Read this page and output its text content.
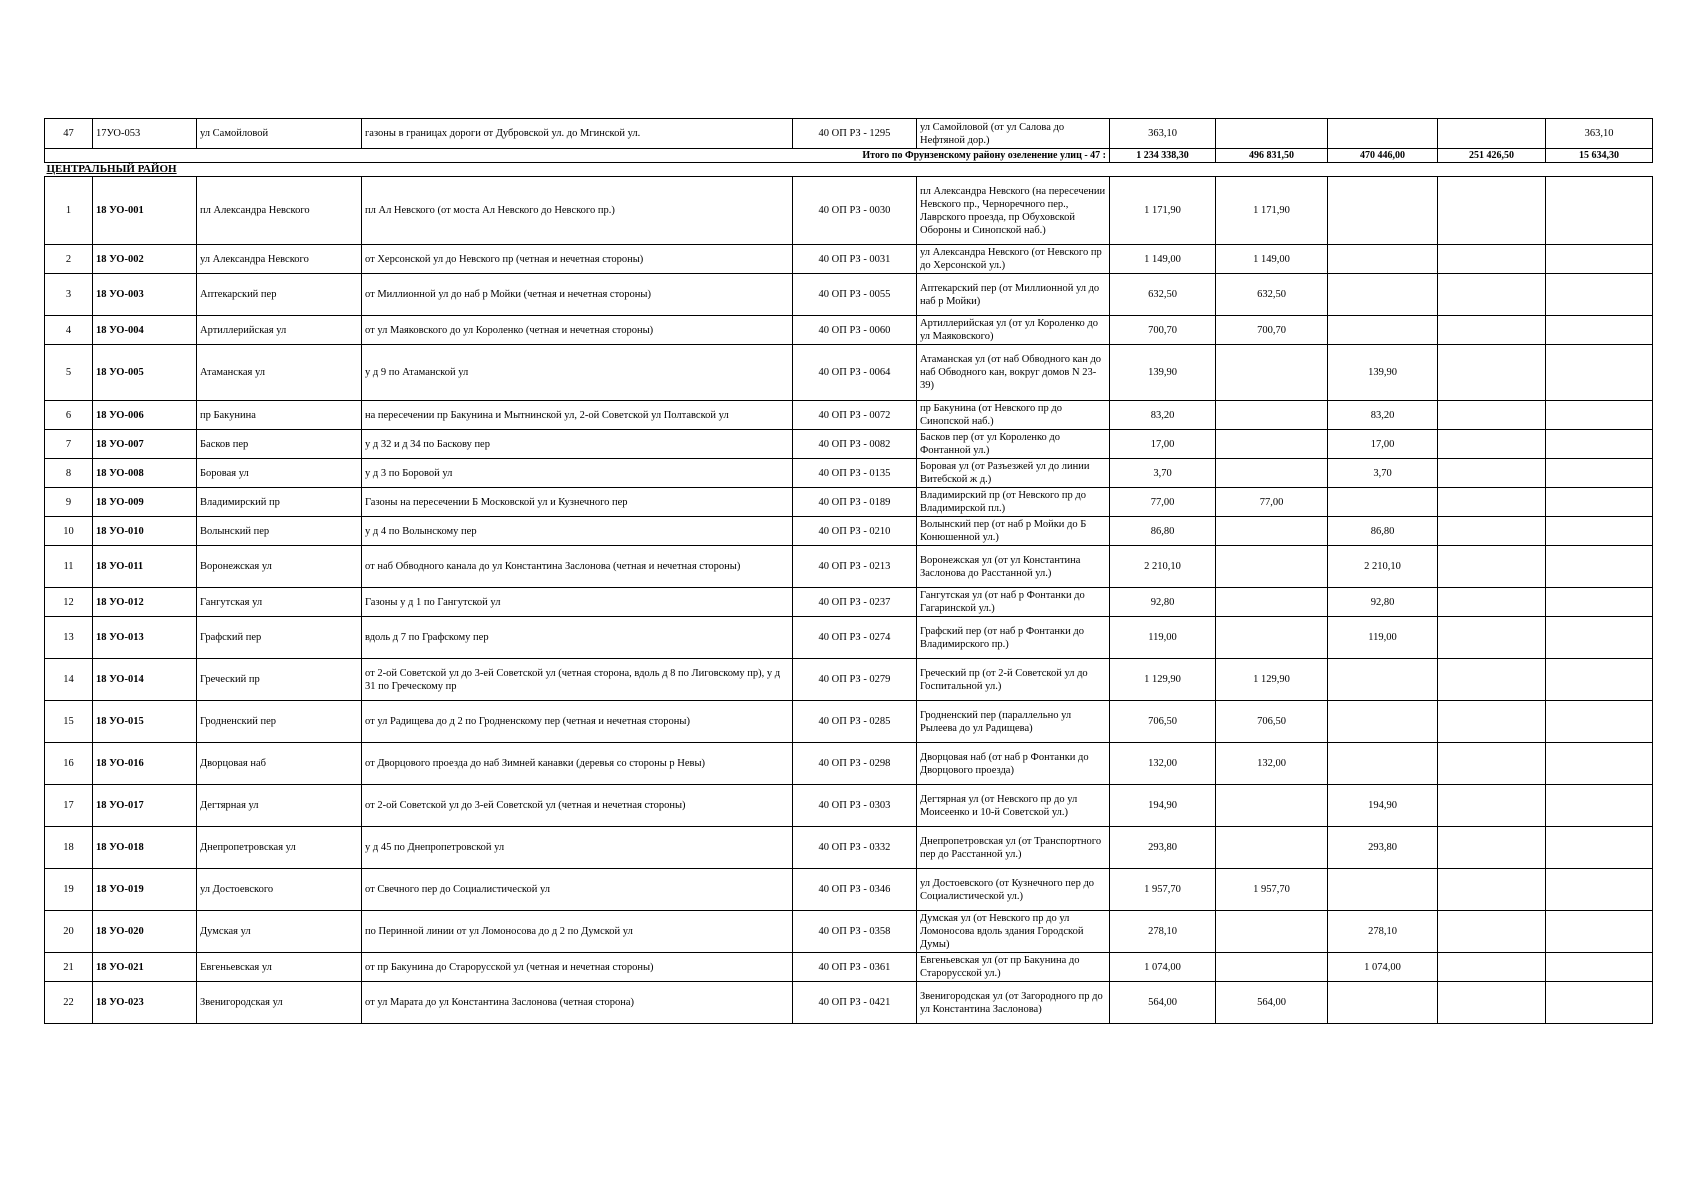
47	17УО-053	ул Самойловой	газоны в границах дороги от Дубровской ул. до Мгинской ул.	40 ОП РЗ - 1295	ул Самойловой (от ул Салова до Нефтяной дор.)	363,10				363,10
Итого по Фрунзенскому району озеленение улиц - 47 :						1 234 338,30	496 831,50	470 446,00	251 426,50	15 634,30
ЦЕНТРАЛЬНЫЙ РАЙОН										
1	18 УО-001	пл Александра Невского	пл Ал Невского (от моста Ал Невского до Невского пр.)	40 ОП РЗ - 0030	пл Александра Невского (на пересечении Невского пр., Черноречного пер., Лаврского проезда, пр Обуховской Обороны и Синопской наб.)	1 171,90	1 171,90			
2	18 УО-002	ул Александра Невского	от Херсонской ул до Невского пр (четная и нечетная стороны)	40 ОП РЗ - 0031	ул Александра Невского (от Невского пр до Херсонской ул.)	1 149,00	1 149,00			
3	18 УО-003	Аптекарский пер	от Миллионной ул до наб р Мойки (четная и нечетная стороны)	40 ОП РЗ - 0055	Аптекарский пер (от Миллионной ул до наб р Мойки)	632,50	632,50			
4	18 УО-004	Артиллерийская ул	от ул Маяковского до ул Короленко (четная и нечетная стороны)	40 ОП РЗ - 0060	Артиллерийская ул (от ул Короленко до ул Маяковского)	700,70	700,70			
5	18 УО-005	Атаманская ул	у д 9 по Атаманской ул	40 ОП РЗ - 0064	Атаманская ул (от наб Обводного кан до наб Обводного кан, вокруг домов N 23-39)	139,90		139,90		
6	18 УО-006	пр Бакунина	на пересечении пр Бакунина и Мытнинской ул, 2-ой Советской ул Полтавской ул	40 ОП РЗ - 0072	пр Бакунина (от Невского пр до Синопской наб.)	83,20		83,20		
7	18 УО-007	Басков пер	у д 32 и д 34 по Баскову пер	40 ОП РЗ - 0082	Басков пер (от ул Короленко до Фонтанной ул.)	17,00		17,00		
8	18 УО-008	Боровая ул	у д 3 по Боровой ул	40 ОП РЗ - 0135	Боровая ул (от Разъезжей ул до линии Витебской ж д.)	3,70		3,70		
9	18 УО-009	Владимирский пр	Газоны на пересечении Б Московской ул и Кузнечного пер	40 ОП РЗ - 0189	Владимирский пр (от Невского пр до Владимирской пл.)	77,00	77,00			
10	18 УО-010	Волынский пер	у д 4 по Волынскому пер	40 ОП РЗ - 0210	Волынский пер (от наб р Мойки до Б Конюшенной ул.)	86,80		86,80		
11	18 УО-011	Воронежская ул	от наб Обводного канала до ул Константина Заслонова (четная и нечетная стороны)	40 ОП РЗ - 0213	Воронежская ул (от ул Константина Заслонова до Расстанной ул.)	2 210,10		2 210,10		
12	18 УО-012	Гангутская ул	Газоны у д 1 по Гангутской ул	40 ОП РЗ - 0237	Гангутская ул (от наб р Фонтанки до Гагаринской ул.)	92,80		92,80		
13	18 УО-013	Графский пер	вдоль д 7 по Графскому пер	40 ОП РЗ - 0274	Графский пер (от наб р Фонтанки до Владимирского пр.)	119,00		119,00		
14	18 УО-014	Греческий пр	от 2-ой Советской ул до 3-ей Советской ул (четная сторона, вдоль д 8 по Лиговскому пр), у д 31 по Греческому пр	40 ОП РЗ - 0279	Греческий пр (от 2-й Советской ул до Госпитальной ул.)	1 129,90	1 129,90			
15	18 УО-015	Гродненский пер	от ул Радищева до д 2 по Гродненскому пер (четная и нечетная стороны)	40 ОП РЗ - 0285	Гродненский пер (параллельно ул Рылеева до ул Радищева)	706,50	706,50			
16	18 УО-016	Дворцовая наб	от Дворцового проезда до наб Зимней канавки (деревья со стороны р Невы)	40 ОП РЗ - 0298	Дворцовая наб (от наб р Фонтанки до Дворцового проезда)	132,00	132,00			
17	18 УО-017	Дегтярная ул	от 2-ой Советской ул до 3-ей Советской ул (четная и нечетная стороны)	40 ОП РЗ - 0303	Дегтярная ул (от Невского пр до ул Моисеенко и 10-й Советской ул.)	194,90		194,90		
18	18 УО-018	Днепропетровская ул	у д 45 по Днепропетровской ул	40 ОП РЗ - 0332	Днепропетровская ул (от Транспортного пер до Расстанной ул.)	293,80		293,80		
19	18 УО-019	ул Достоевского	от Свечного пер до Социалистической ул	40 ОП РЗ - 0346	ул Достоевского (от Кузнечного пер до Социалистической ул.)	1 957,70	1 957,70			
20	18 УО-020	Думская ул	по Перинной линии от ул Ломоносова до д 2 по Думской ул	40 ОП РЗ - 0358	Думская ул (от Невского пр до ул Ломоносова вдоль здания Городской Думы)	278,10		278,10		
21	18 УО-021	Евгеньевская ул	от пр Бакунина до Старорусской ул (четная и нечетная стороны)	40 ОП РЗ - 0361	Евгеньевская ул (от пр Бакунина до Старорусской ул.)	1 074,00		1 074,00		
22	18 УО-023	Звенигородская ул	от ул Марата до ул Константина Заслонова (четная сторона)	40 ОП РЗ - 0421	Звенигородская ул (от Загородного пр до ул Константина Заслонова)	564,00	564,00			
